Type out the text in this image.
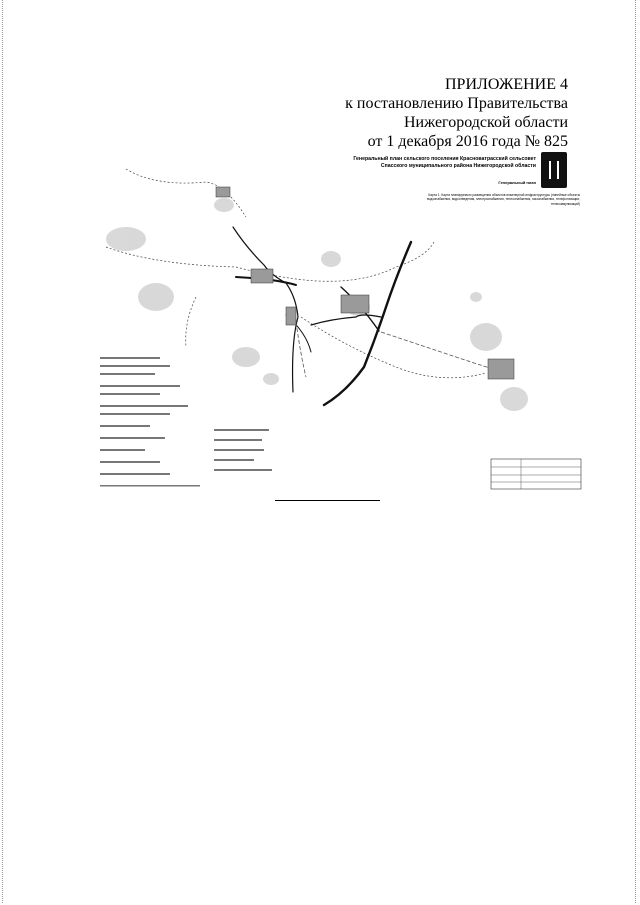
ПРИЛОЖЕНИЕ 4
к постановлению Правительства
Нижегородской области
от 1 декабря 2016 года № 825
Генеральный план сельского поселения Красноватрасский сельсовет
Спасского муниципального района Нижегородской области
Генеральный план
Карта 1. Карта планируемого размещения объектов инженерной инфраструктуры (линейные объекты водоснабжения, водоотведения, электроснабжения, теплоснабжения, газоснабжения, телефонизации, телекоммуникаций)
